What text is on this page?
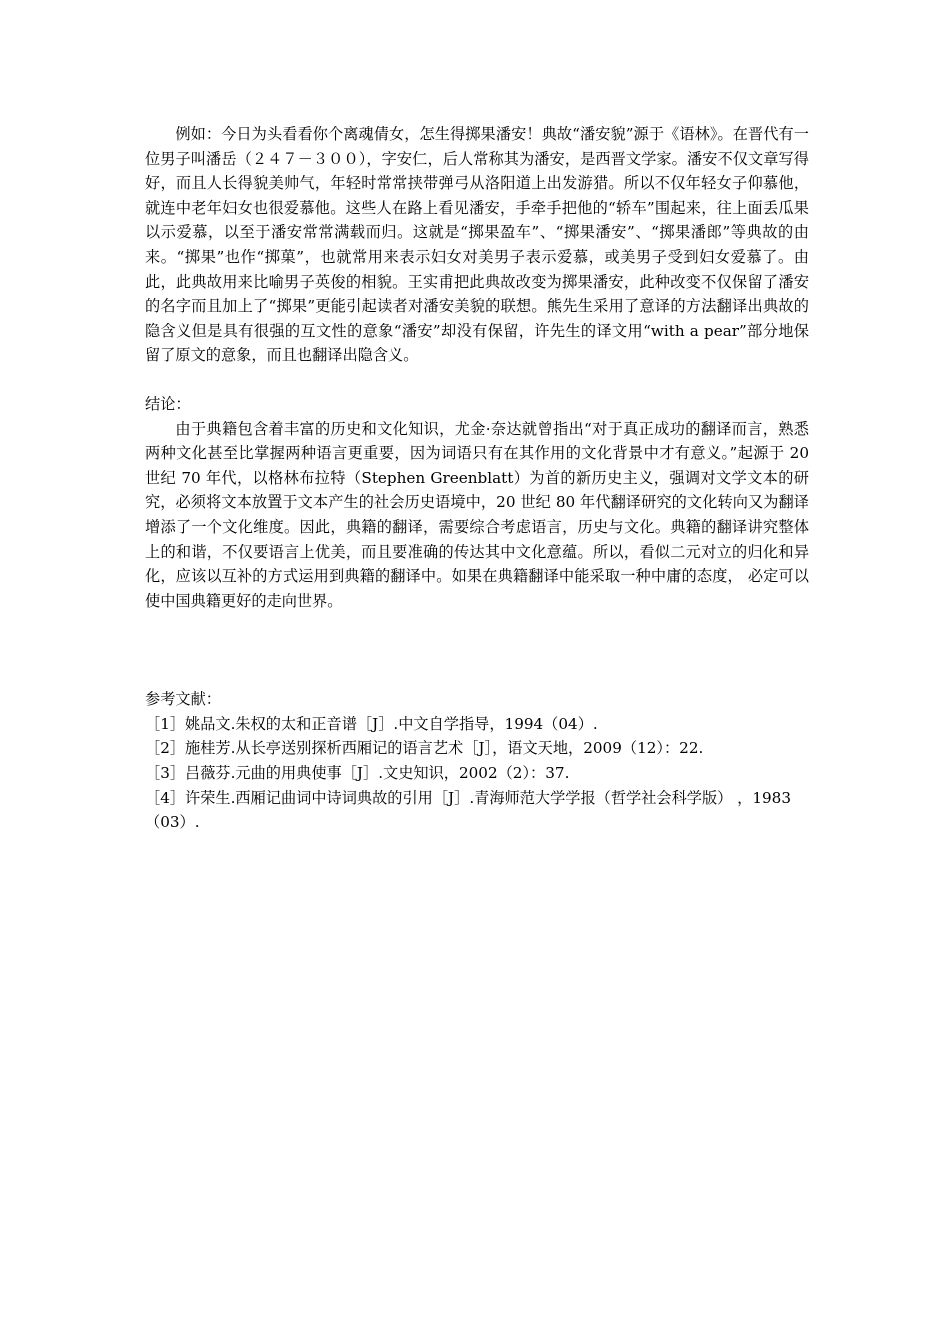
例如：今日为头看看你个离魂倩女，怎生得掷果潘安！典故“潘安貌”源于《语林》。在晋代有一位男子叫潘岳（２４７－３００），字安仁，后人常称其为潘安，是西晋文学家。潘安不仅文章写得好，而且人长得貌美帅气，年轻时常常挟带弹弓从洛阳道上出发游猎。所以不仅年轻女子仰慕他，就连中老年妇女也很爱慕他。这些人在路上看见潘安，手牵手把他的“轿车”围起来，往上面丢瓜果以示爱慕，以至于潘安常常满载而归。这就是“掷果盈车”、“掷果潘安”、“掷果潘郎”等典故的由来。“掷果”也作“掷菓”，也就常用来表示妇女对美男子表示爱慕，或美男子受到妇女爱慕了。由此，此典故用来比喻男子英俊的相貌。王实甫把此典故改变为掷果潘安，此种改变不仅保留了潘安的名字而且加上了“掷果”更能引起读者对潘安美貌的联想。熊先生采用了意译的方法翻译出典故的隐含义但是具有很强的互文性的意象“潘安”却没有保留，许先生的译文用“with a pear”部分地保留了原文的意象，而且也翻译出隐含义。

结论：

由于典籍包含着丰富的历史和文化知识，尤金·奈达就曾指出“对于真正成功的翻译而言，熟悉两种文化甚至比掌握两种语言更重要，因为词语只有在其作用的文化背景中才有意义。”起源于 20 世纪 70 年代，以格林布拉特（Stephen Greenblatt）为首的新历史主义，强调对文学文本的研究，必须将文本放置于文本产生的社会历史语境中，20 世纪 80 年代翻译研究的文化转向又为翻译增添了一个文化维度。因此，典籍的翻译，需要综合考虑语言，历史与文化。典籍的翻译讲究整体上的和谐，不仅要语言上优美，而且要准确的传达其中文化意蕴。所以，看似二元对立的归化和异化，应该以互补的方式运用到典籍的翻译中。如果在典籍翻译中能采取一种中庸的态度， 必定可以使中国典籍更好的走向世界。

参考文献：

［1］姚品文.朱权的太和正音谱［J］.中文自学指导，1994（04）.

［2］施桂芳.从长亭送别探析西厢记的语言艺术［J］，语文天地，2009（12）：22.

［3］吕薇芬.元曲的用典使事［J］.文史知识，2002（2）：37.

［4］许荣生.西厢记曲词中诗词典故的引用［J］.青海师范大学学报（哲学社会科学版） ，1983（03）.
